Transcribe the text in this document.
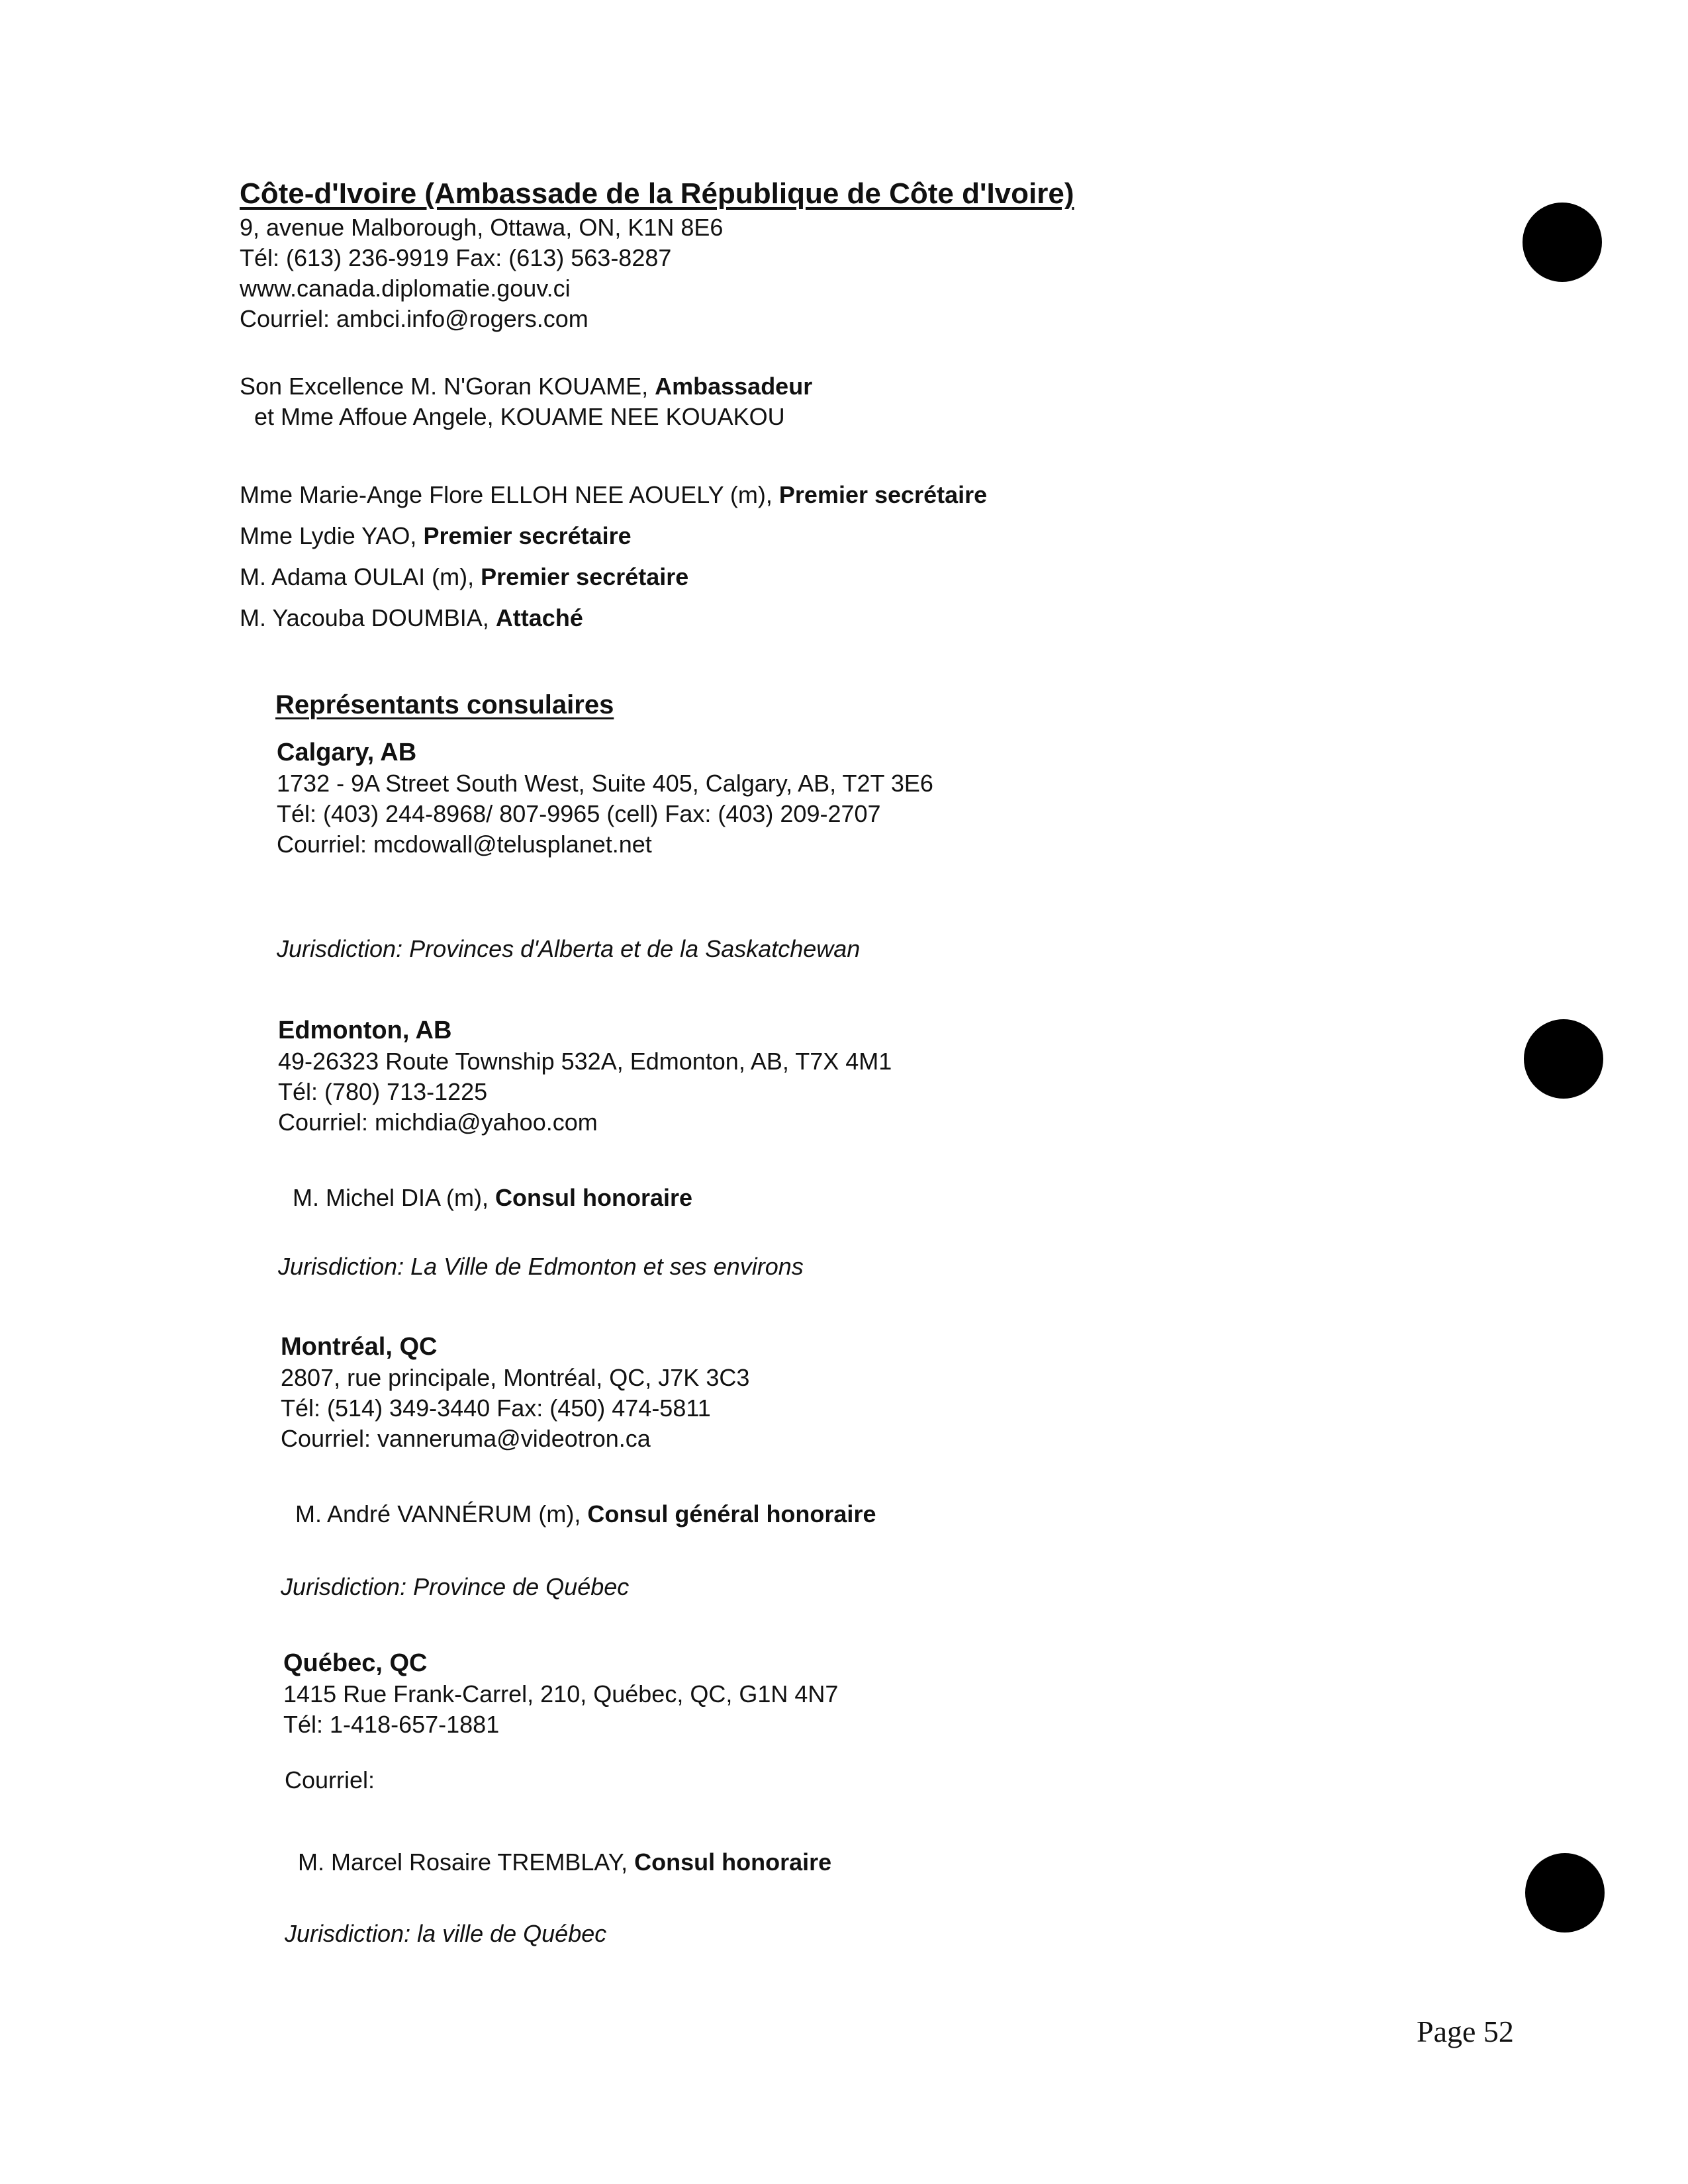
Côte-d'Ivoire (Ambassade de la République de Côte d'Ivoire)
9, avenue Malborough, Ottawa, ON, K1N 8E6
Tél: (613) 236-9919 Fax: (613) 563-8287
www.canada.diplomatie.gouv.ci
Courriel: ambci.info@rogers.com
Son Excellence M. N'Goran KOUAME, Ambassadeur
et Mme Affoue Angele, KOUAME NEE KOUAKOU
Mme Marie-Ange Flore ELLOH NEE AOUELY (m), Premier secrétaire
Mme Lydie YAO, Premier secrétaire
M. Adama OULAI (m), Premier secrétaire
M. Yacouba DOUMBIA, Attaché
Représentants consulaires
Calgary, AB
1732 - 9A Street South West, Suite 405, Calgary, AB, T2T 3E6
Tél: (403) 244-8968/ 807-9965 (cell) Fax: (403) 209-2707
Courriel: mcdowall@telusplanet.net
Jurisdiction: Provinces d'Alberta et de la Saskatchewan
Edmonton, AB
49-26323 Route Township 532A, Edmonton, AB, T7X 4M1
Tél: (780) 713-1225
Courriel: michdia@yahoo.com
M. Michel DIA (m), Consul honoraire
Jurisdiction: La Ville de Edmonton et ses environs
Montréal, QC
2807, rue principale, Montréal, QC, J7K 3C3
Tél: (514) 349-3440 Fax: (450) 474-5811
Courriel: vanneruma@videotron.ca
M. André VANNÉRUM (m), Consul général honoraire
Jurisdiction: Province de Québec
Québec, QC
1415 Rue Frank-Carrel, 210, Québec, QC, G1N 4N7
Tél: 1-418-657-1881
Courriel:
M. Marcel Rosaire TREMBLAY, Consul honoraire
Jurisdiction: la ville de Québec
Page 52
